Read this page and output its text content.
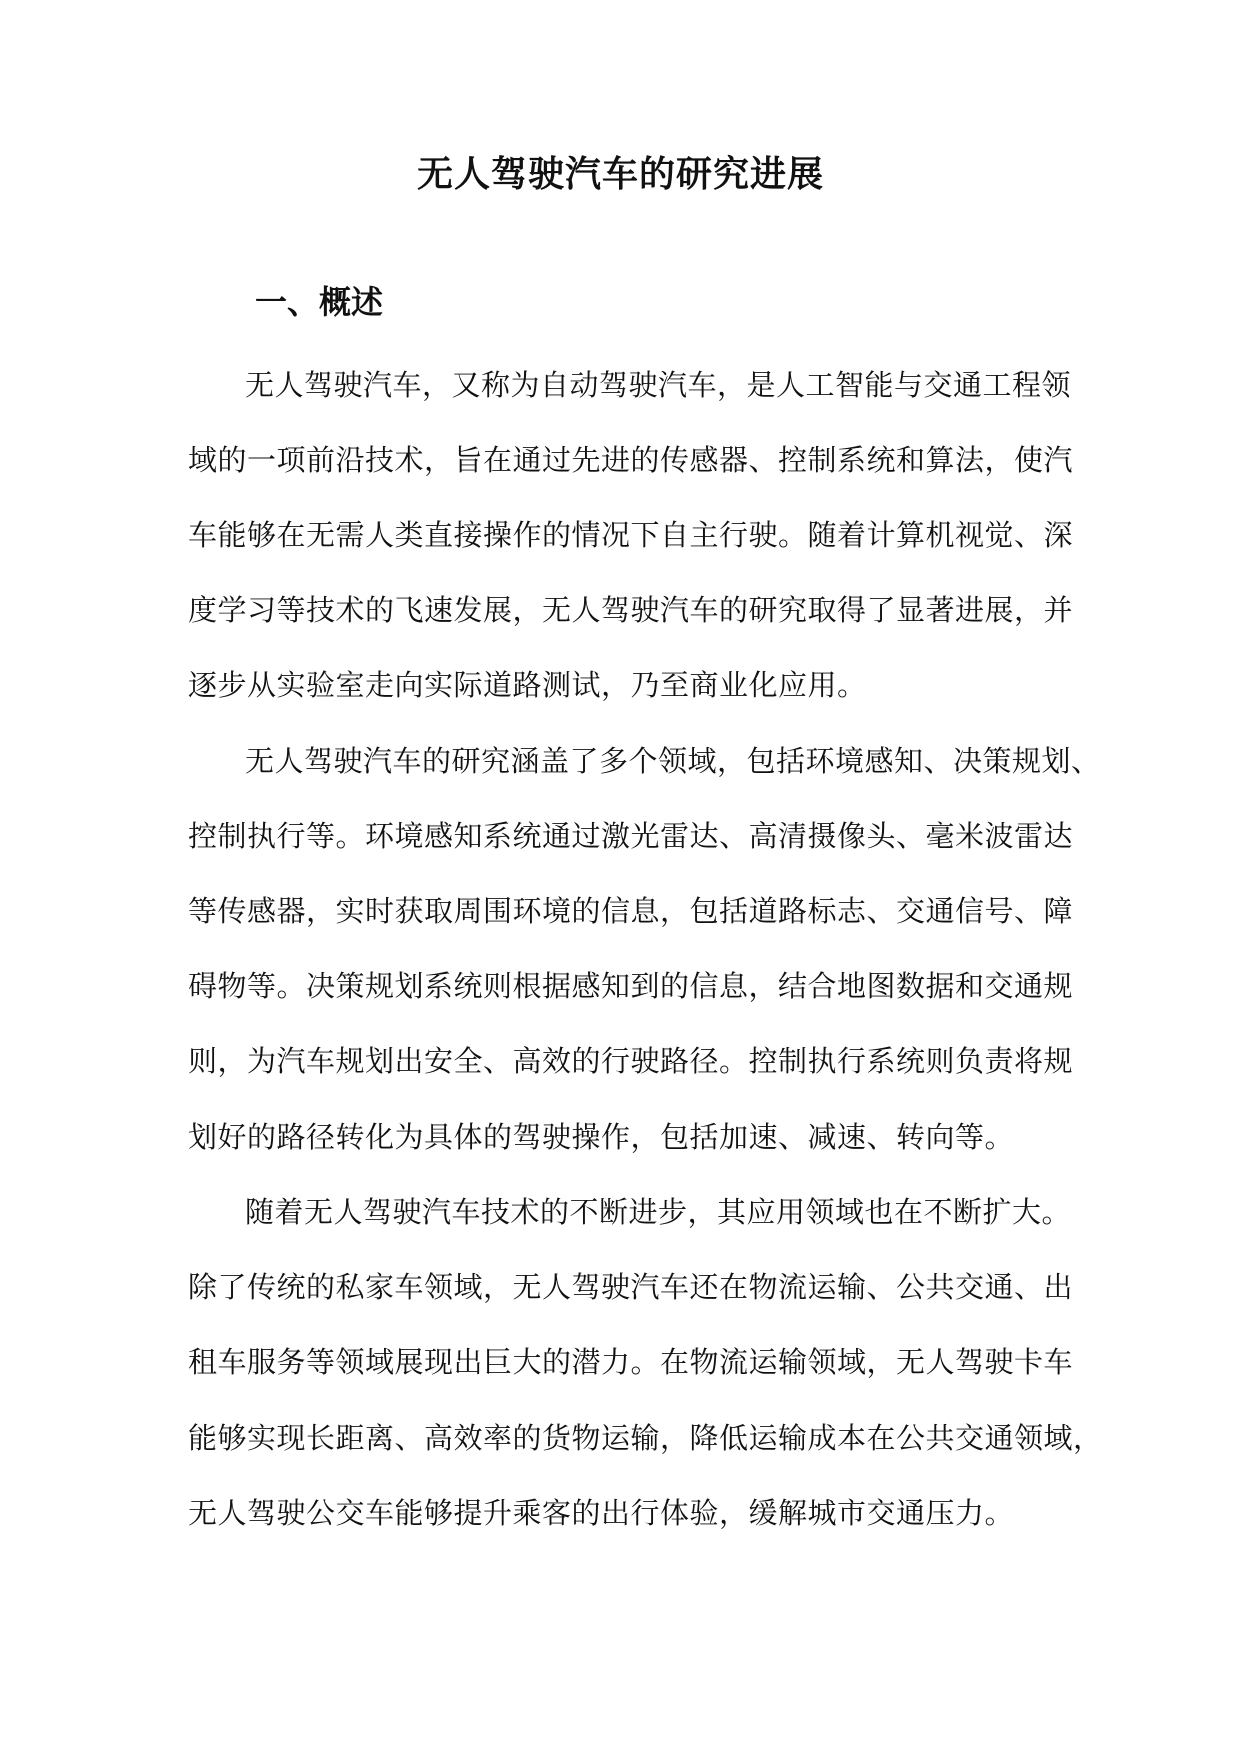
无人驾驶汽车的研究进展
一、概述
无人驾驶汽车，又称为自动驾驶汽车，是人工智能与交通工程领
域的一项前沿技术，旨在通过先进的传感器、控制系统和算法，使汽
车能够在无需人类直接操作的情况下自主行驶。随着计算机视觉、深
度学习等技术的飞速发展，无人驾驶汽车的研究取得了显著进展，并
逐步从实验室走向实际道路测试，乃至商业化应用。
无人驾驶汽车的研究涵盖了多个领域，包括环境感知、决策规划、
控制执行等。环境感知系统通过激光雷达、高清摄像头、毫米波雷达
等传感器，实时获取周围环境的信息，包括道路标志、交通信号、障
碍物等。决策规划系统则根据感知到的信息，结合地图数据和交通规
则，为汽车规划出安全、高效的行驶路径。控制执行系统则负责将规
划好的路径转化为具体的驾驶操作，包括加速、减速、转向等。
随着无人驾驶汽车技术的不断进步，其应用领域也在不断扩大。
除了传统的私家车领域，无人驾驶汽车还在物流运输、公共交通、出
租车服务等领域展现出巨大的潜力。在物流运输领域，无人驾驶卡车
能够实现长距离、高效率的货物运输，降低运输成本在公共交通领域，
无人驾驶公交车能够提升乘客的出行体验，缓解城市交通压力。
